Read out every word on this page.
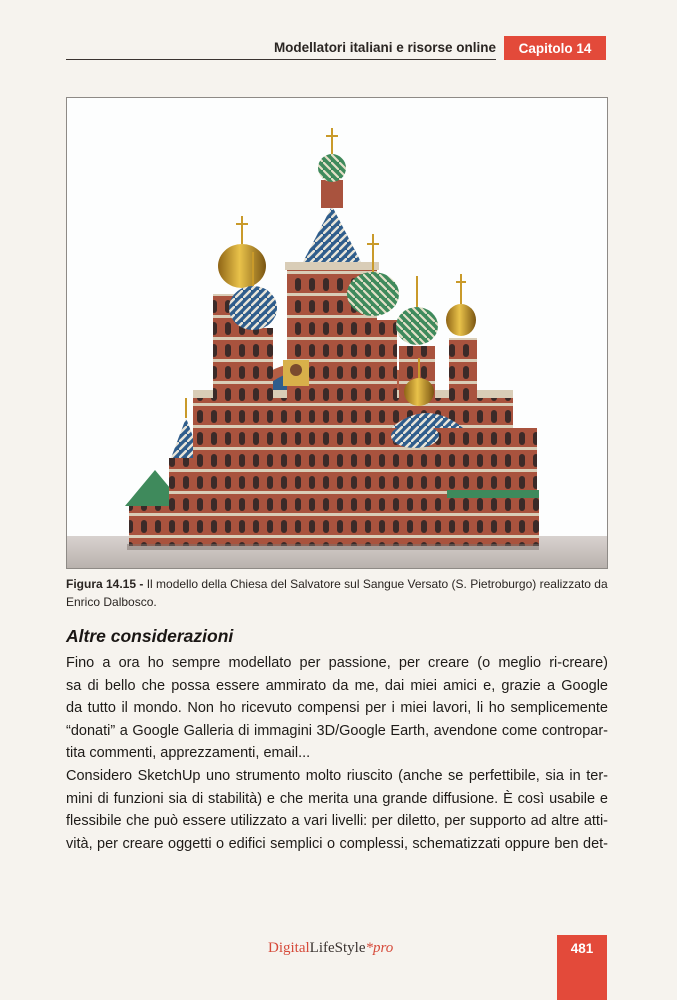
Modellatori italiani e risorse online	Capitolo 14
Figura 14.15 - Il modello della Chiesa del Salvatore sul Sangue Versato (S. Pietroburgo) realizzato da Enrico Dalbosco.
Altre considerazioni
Fino a ora ho sempre modellato per passione, per creare (o meglio ri-creare)
sa di bello che possa essere ammirato da me, dai miei amici e, grazie a Google
da tutto il mondo. Non ho ricevuto compensi per i miei lavori, li ho semplicemente
“donati” a Google Galleria di immagini 3D/Google Earth, avendone come contropar-
tita commenti, apprezzamenti, email...
Considero SketchUp uno strumento molto riuscito (anche se perfettibile, sia in ter-
mini di funzioni sia di stabilità) e che merita una grande diffusione. È così usabile e
flessibile che può essere utilizzato a vari livelli: per diletto, per supporto ad altre atti-
vità, per creare oggetti o edifici semplici o complessi, schematizzati oppure ben det-
DigitalLifeStyle*pro	481
